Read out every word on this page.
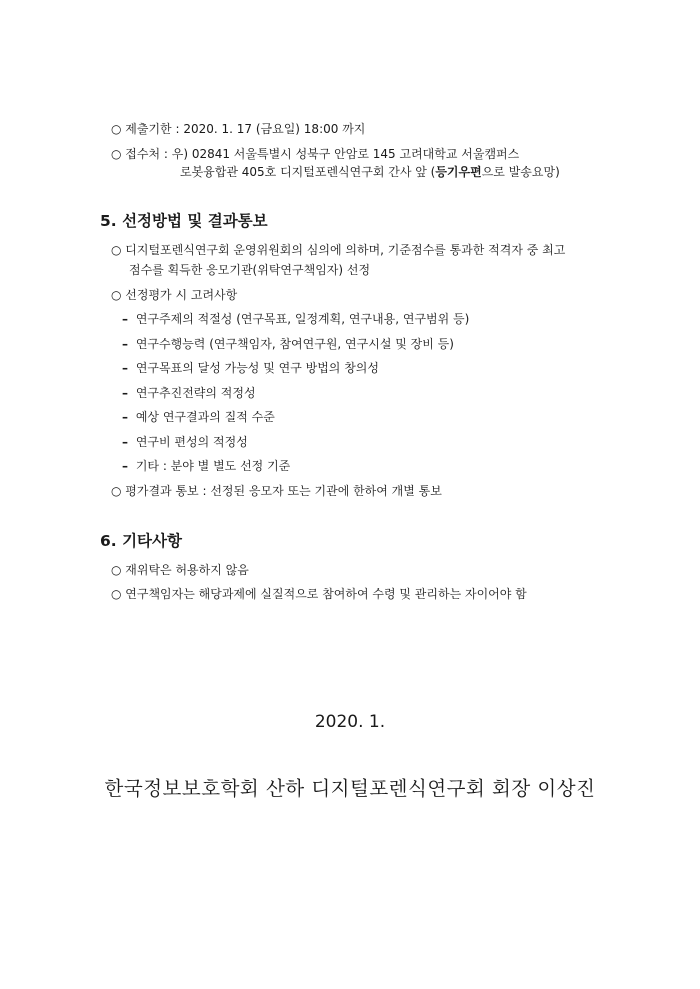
○ 제출기한 : 2020. 1. 17 (금요일) 18:00 까지
○ 접수처 : 우) 02841 서울특별시 성북구 안암로 145 고려대학교 서울캠퍼스
로봇융합관 405호 디지털포렌식연구회 간사 앞 (등기우편으로 발송요망)
5. 선정방법 및 결과통보
○ 디지털포렌식연구회 운영위원회의 심의에 의하며, 기준점수를 통과한 적격자 중 최고
점수를 획득한 응모기관(위탁연구책임자) 선정
○ 선정평가 시 고려사항
– 연구주제의 적절성 (연구목표, 일정계획, 연구내용, 연구범위 등)
– 연구수행능력 (연구책임자, 참여연구원, 연구시설 및 장비 등)
– 연구목표의 달성 가능성 및 연구 방법의 창의성
– 연구추진전략의 적정성
– 예상 연구결과의 질적 수준
– 연구비 편성의 적정성
– 기타 : 분야 별 별도 선정 기준
○ 평가결과 통보 : 선정된 응모자 또는 기관에 한하여 개별 통보
6. 기타사항
○ 재위탁은 허용하지 않음
○ 연구책임자는 해당과제에 실질적으로 참여하여 수령 및 관리하는 자이어야 함
2020. 1.
한국정보보호학회 산하 디지털포렌식연구회 회장 이상진
